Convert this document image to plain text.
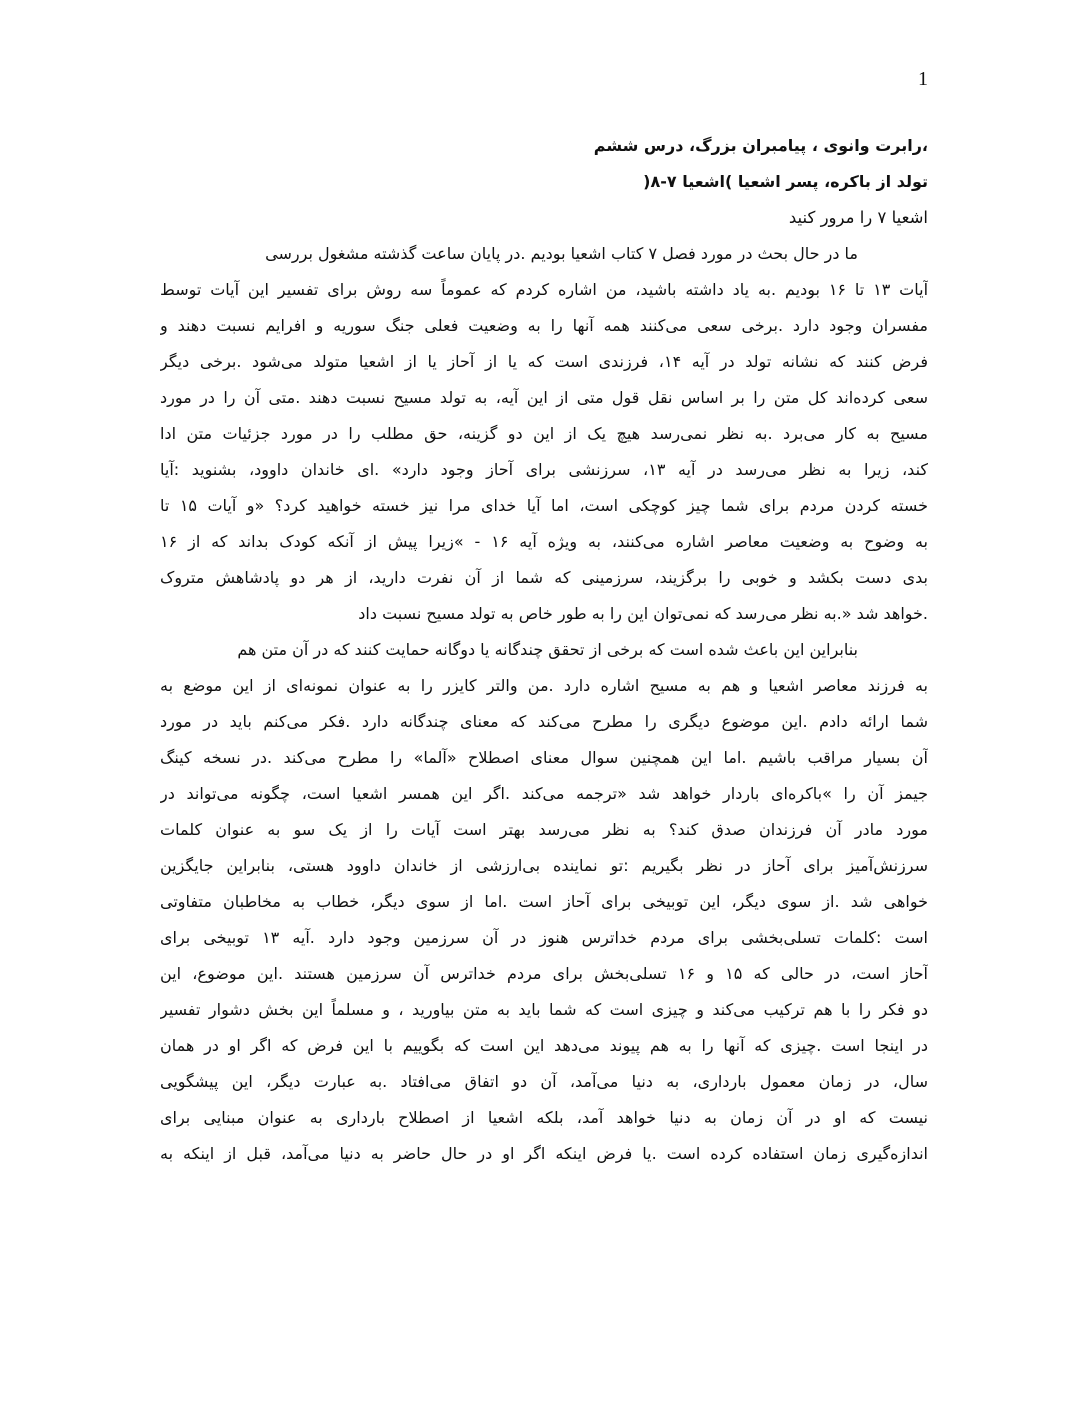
1
،رابرت وانوی ، پیامبران بزرگ، درس ششم
تولد از باکره، پسر اشعیا )اشعیا ۷-۸(
اشعیا ۷ را مرور کنید
ما در حال بحث در مورد فصل ۷ کتاب اشعیا بودیم .در پایان ساعت گذشته مشغول بررسی
آیات ۱۳ تا ۱۶ بودیم .به یاد داشته باشید، من اشاره کردم که عموماً سه روش برای تفسیر این آیات توسط
مفسران وجود دارد .برخی سعی می‌کنند همه آنها را به وضعیت فعلی جنگ سوریه و افرایم نسبت دهند و
فرض کنند که نشانه تولد در آیه ۱۴، فرزندی است که یا از آحاز یا از اشعیا متولد می‌شود .برخی دیگر
سعی کرده‌اند کل متن را بر اساس نقل قول متی از این آیه، به تولد مسیح نسبت دهند .متی آن را در مورد
مسیح به کار می‌برد .به نظر نمی‌رسد هیچ یک از این دو گزینه، حق مطلب را در مورد جزئیات متن ادا
کند، زیرا به نظر می‌رسد در آیه ۱۳، سرزنشی برای آحاز وجود دارد» .ای خاندان داوود، بشنوید :آیا
خسته کردن مردم برای شما چیز کوچکی است، اما آیا خدای مرا نیز خسته خواهید کرد؟ «و آیات ۱۵ تا
به وضوح به وضعیت معاصر اشاره می‌کنند، به ویژه آیه ۱۶ - »زیرا پیش از آنکه کودک بداند که از ۱۶
بدی دست بکشد و خوبی را برگزیند، سرزمینی که شما از آن نفرت دارید، از هر دو پادشاهش متروک
.خواهد شد «.به نظر می‌رسد که نمی‌توان این را به طور خاص به تولد مسیح نسبت داد
بنابراین این باعث شده است که برخی از تحقق چندگانه یا دوگانه حمایت کنند که در آن متن هم
به فرزند معاصر اشعیا و هم به مسیح اشاره دارد .من والتر کایزر را به عنوان نمونه‌ای از این موضع به
شما ارائه دادم .این موضوع دیگری را مطرح می‌کند که معنای چندگانه دارد .فکر می‌کنم باید در مورد
آن بسیار مراقب باشیم .اما این همچنین سوال معنای اصطلاح «آلما» را مطرح می‌کند .در نسخه کینگ
جیمز آن را »باکره‌ای باردار خواهد شد «ترجمه می‌کند .اگر این همسر اشعیا است، چگونه می‌تواند در
مورد مادر آن فرزندان صدق کند؟ به نظر می‌رسد بهتر است آیات را از یک سو به عنوان کلمات
سرزنش‌آمیز برای آحاز در نظر بگیریم :تو نماینده بی‌ارزشی از خاندان داوود هستی، بنابراین جایگزین
خواهی شد .از سوی دیگر، این توبیخی برای آحاز است .اما از سوی دیگر، خطاب به مخاطبان متفاوتی
است :کلمات تسلی‌بخشی برای مردم خداترس هنوز در آن سرزمین وجود دارد .آیه ۱۳ توبیخی برای
آحاز است، در حالی که ۱۵ و ۱۶ تسلی‌بخش برای مردم خداترس آن سرزمین هستند .این موضوع، این
دو فکر را با هم ترکیب می‌کند و چیزی است که شما باید به متن بیاورید ، و مسلماً این بخش دشوار تفسیر
در اینجا است .چیزی که آنها را به هم پیوند می‌دهد این است که بگوییم با این فرض که اگر او در همان
سال، در زمان معمول بارداری، به دنیا می‌آمد، آن دو اتفاق می‌افتاد .به عبارت دیگر، این پیشگویی
نیست که او در آن زمان به دنیا خواهد آمد، بلکه اشعیا از اصطلاح بارداری به عنوان مبنایی برای
اندازه‌گیری زمان استفاده کرده است .یا فرض اینکه اگر او در حال حاضر به دنیا می‌آمد، قبل از اینکه به
